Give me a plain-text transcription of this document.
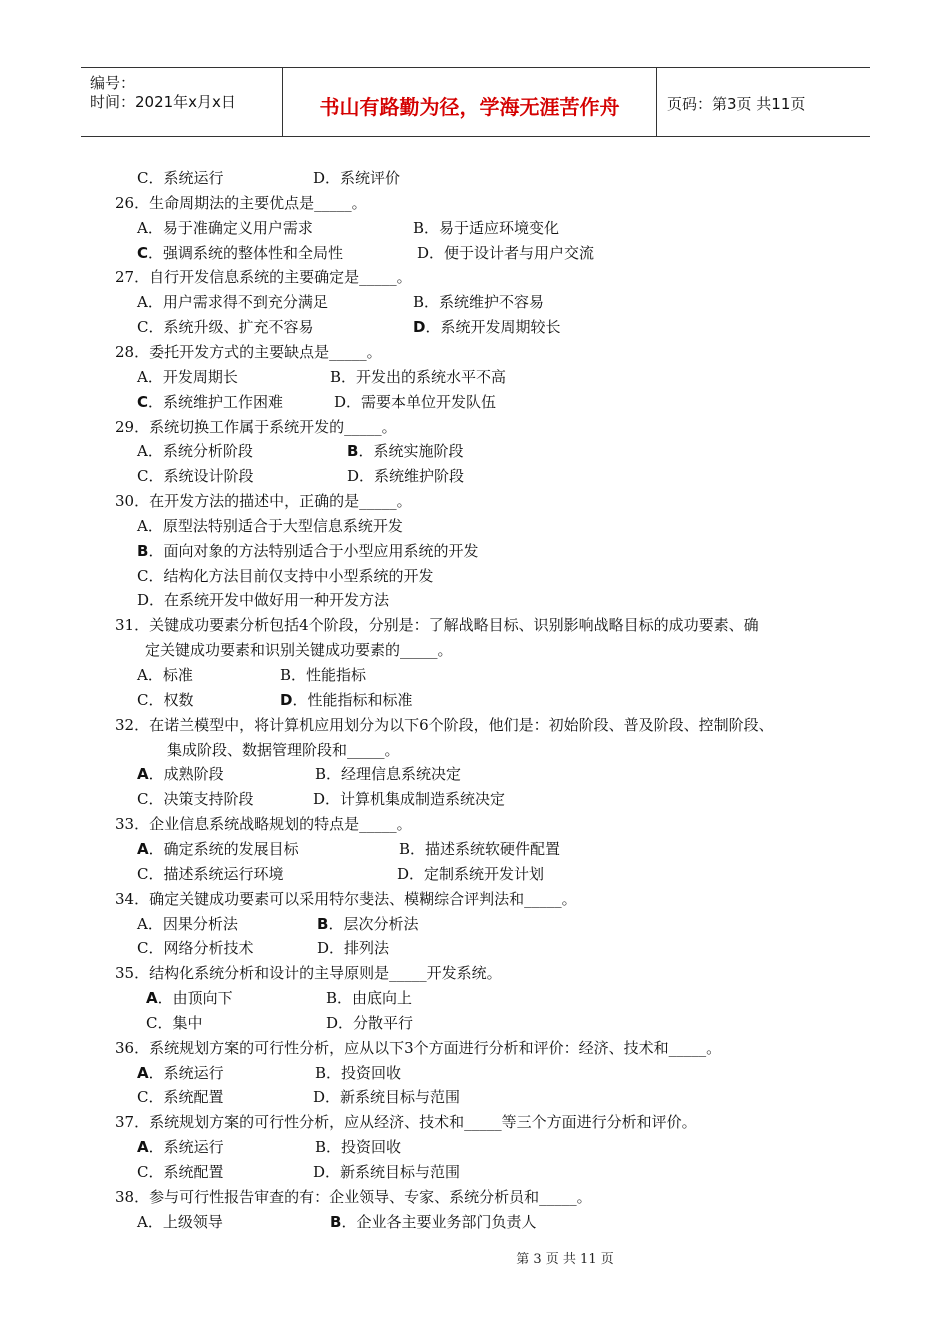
编号：
时间：2021年x月x日	书山有路勤为径，学海无涯苦作舟	页码：第3页 共11页
C．系统运行	D．系统评价
26．生命周期法的主要优点是_____。
A．易于准确定义用户需求	B．易于适应环境变化
C．强调系统的整体性和全局性	D．便于设计者与用户交流
27．自行开发信息系统的主要确定是_____。
A．用户需求得不到充分满足	B．系统维护不容易
C．系统升级、扩充不容易	D．系统开发周期较长
28．委托开发方式的主要缺点是_____。
A．开发周期长	B．开发出的系统水平不高
C．系统维护工作困难	D．需要本单位开发队伍
29．系统切换工作属于系统开发的_____。
A．系统分析阶段	B．系统实施阶段
C．系统设计阶段	D．系统维护阶段
30．在开发方法的描述中，正确的是_____。
A．原型法特别适合于大型信息系统开发
B．面向对象的方法特别适合于小型应用系统的开发
C．结构化方法目前仅支持中小型系统的开发
D．在系统开发中做好用一种开发方法
31．关键成功要素分析包括4个阶段，分别是：了解战略目标、识别影响战略目标的成功要素、确
定关键成功要素和识别关键成功要素的_____。
A．标准	B．性能指标
C．权数	D．性能指标和标准
32．在诺兰模型中，将计算机应用划分为以下6个阶段，他们是：初始阶段、普及阶段、控制阶段、
集成阶段、数据管理阶段和_____。
A．成熟阶段	B．经理信息系统决定
C．决策支持阶段	D．计算机集成制造系统决定
33．企业信息系统战略规划的特点是_____。
A．确定系统的发展目标	B．描述系统软硬件配置
C．描述系统运行环境	D．定制系统开发计划
34．确定关键成功要素可以采用特尔斐法、模糊综合评判法和_____。
A．因果分析法	B．层次分析法
C．网络分析技术	D．排列法
35．结构化系统分析和设计的主导原则是_____开发系统。
A．由顶向下	B．由底向上
C．集中	D．分散平行
36．系统规划方案的可行性分析，应从以下3个方面进行分析和评价：经济、技术和_____。
A．系统运行	B．投资回收
C．系统配置	D．新系统目标与范围
37．系统规划方案的可行性分析，应从经济、技术和_____等三个方面进行分析和评价。
A．系统运行	B．投资回收
C．系统配置	D．新系统目标与范围
38．参与可行性报告审查的有：企业领导、专家、系统分析员和_____。
A．上级领导	B．企业各主要业务部门负责人
第 3 页 共 11 页
